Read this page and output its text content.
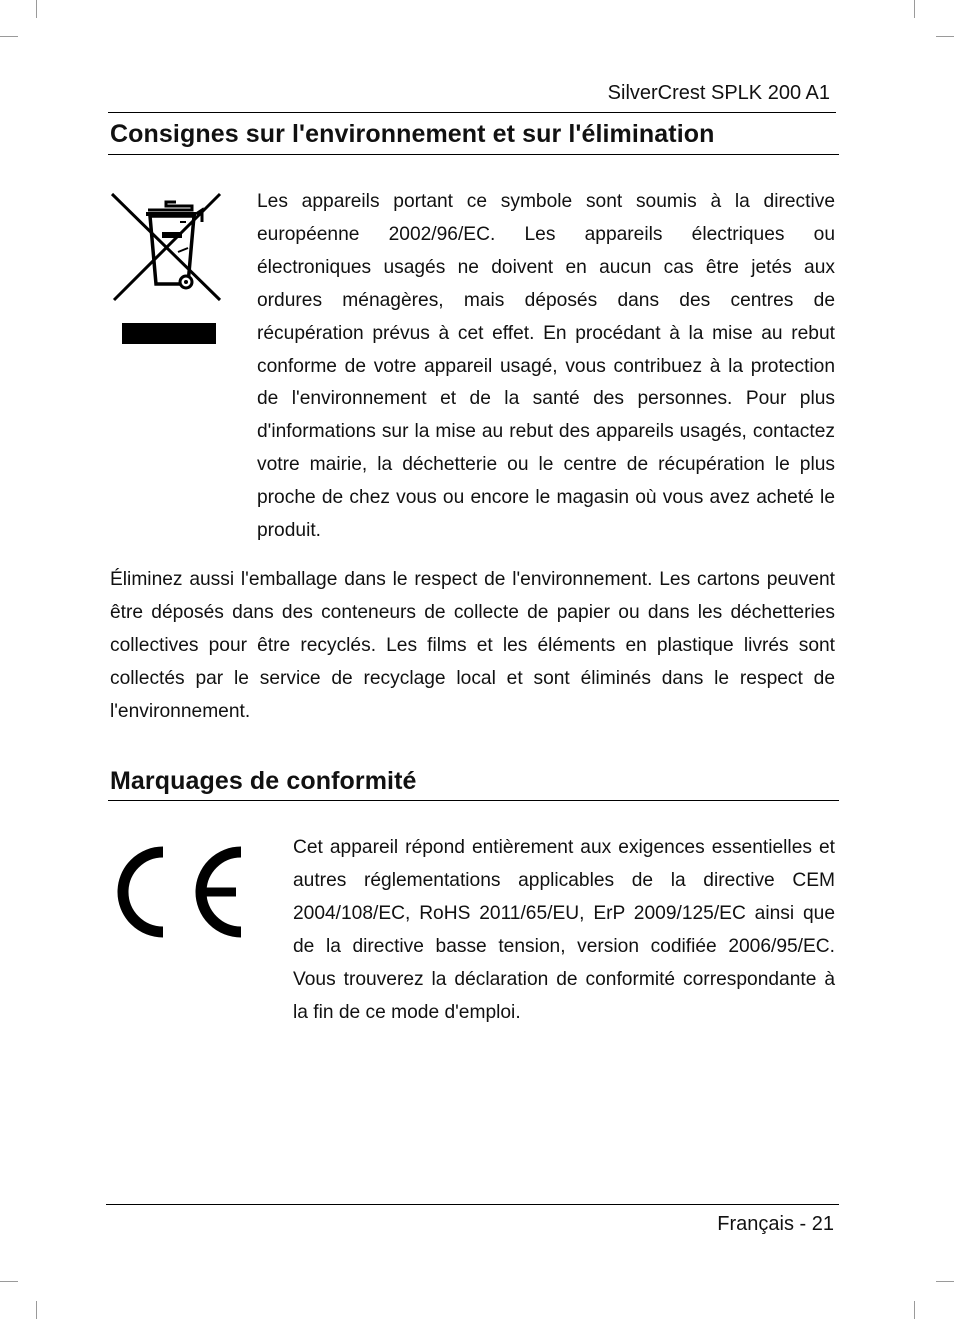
SilverCrest SPLK 200 A1
Consignes sur l'environnement et sur l'élimination

Les appareils portant ce symbole sont soumis à la directive européenne 2002/96/EC. Les appareils électriques ou électroniques usagés ne doivent en aucun cas être jetés aux ordures ménagères, mais déposés dans des centres de récupération prévus à cet effet. En procédant à la mise au rebut conforme de votre appareil usagé, vous contribuez à la protection de l'environnement et de la santé des personnes. Pour plus d'informations sur la mise au rebut des appareils usagés, contactez votre mairie, la déchetterie ou le centre de récupération le plus proche de chez vous ou encore le magasin où vous avez acheté le produit.

Éliminez aussi l'emballage dans le respect de l'environnement. Les cartons peuvent être déposés dans des conteneurs de collecte de papier ou dans les déchetteries collectives pour être recyclés. Les films et les éléments en plastique livrés sont collectés par le service de recyclage local et sont éliminés dans le respect de l'environnement.

Marquages de conformité

Cet appareil répond entièrement aux exigences essentielles et autres réglementations applicables de la directive CEM 2004/108/EC, RoHS 2011/65/EU, ErP 2009/125/EC ainsi que de la directive basse tension, version codifiée 2006/95/EC. Vous trouverez la déclaration de conformité correspondante à la fin de ce mode d'emploi.

Français - 21
